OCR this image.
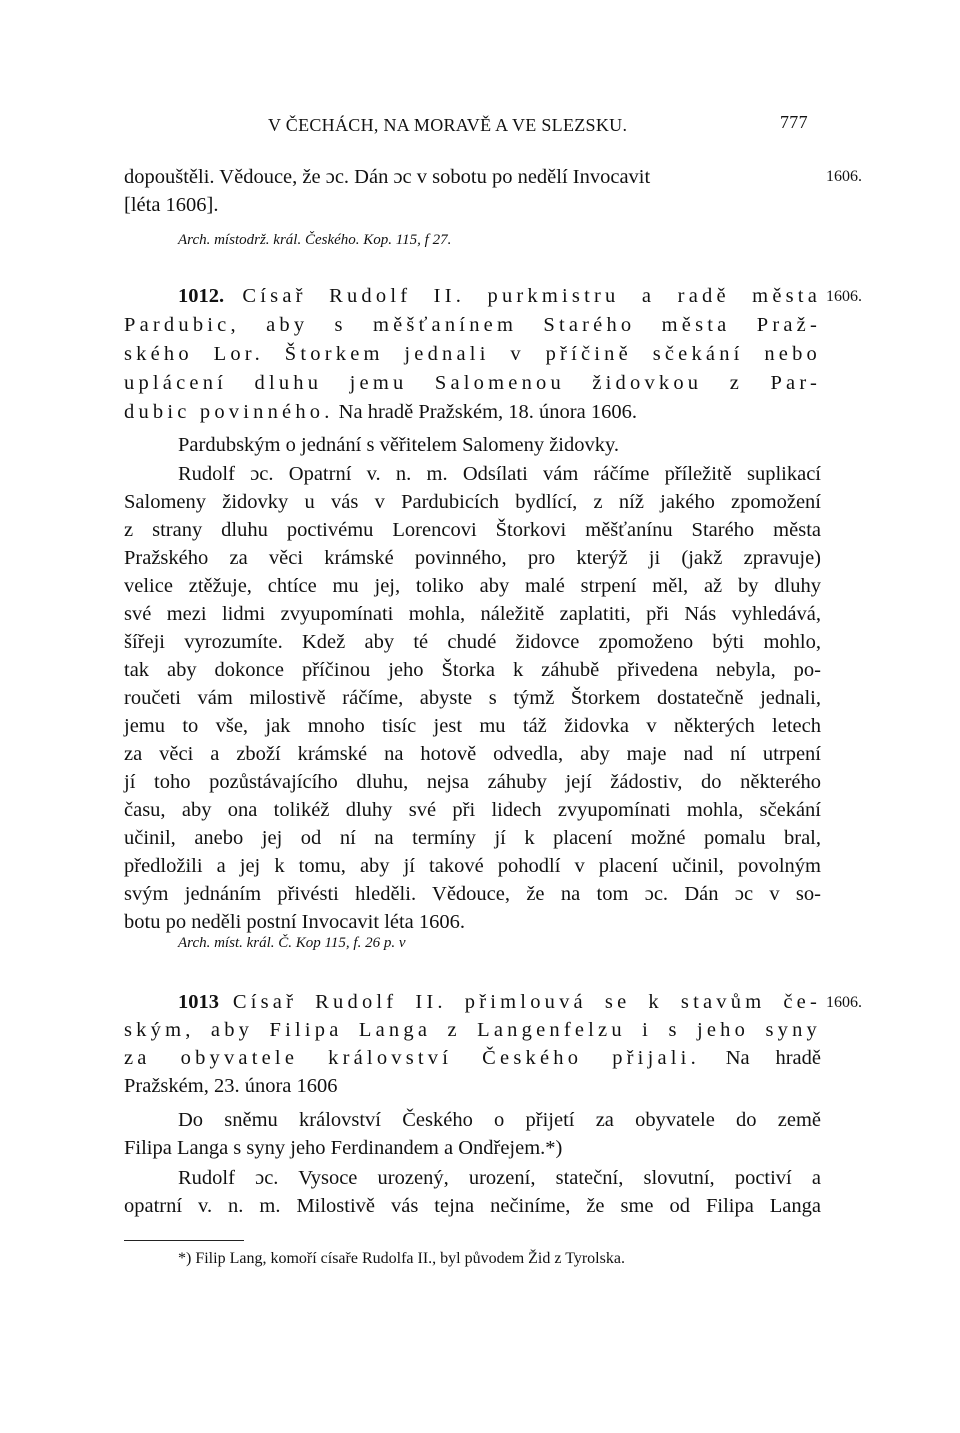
V ČECHÁCH, NA MORAVĚ A VE SLEZSKU.	777
dopouštěli. Vědouce, že ɔc. Dán ɔc v sobotu po nedělí Invocavit	1606.
[léta 1606].
Arch. místodrž. král. Českého. Kop. 115, f 27.
1012. Císař Rudolf II. purkmistru a radě města 1606.
Pardubic, aby s měšťanínem Starého města Praž-
ského Lor. Štorkem jednali v příčině sčekání nebo
uplácení dluhu jemu Salomenou židovkou z Par-
dubic povinného. Na hradě Pražském, 18. února 1606.
Pardubským o jednání s věřitelem Salomeny židovky.
Rudolf ɔc. Opatrní v. n. m. Odsílati vám ráčíme příležitě suplikací
Salomeny židovky u vás v Pardubicích bydlící, z níž jakého zpomožení
z strany dluhu poctivému Lorencovi Štorkovi měšťanínu Starého města
Pražského za věci krámské povinného, pro kterýž ji (jakž zpravuje)
velice ztěžuje, chtíce mu jej, toliko aby malé strpení měl, až by dluhy
své mezi lidmi zvyupomínati mohla, náležitě zaplatiti, při Nás vyhledává,
šířeji vyrozumíte. Kdež aby té chudé židovce zpomoženo býti mohlo,
tak aby dokonce příčinou jeho Štorka k záhubě přivedena nebyla, po-
roučeti vám milostivě ráčíme, abyste s týmž Štorkem dostatečně jednali,
jemu to vše, jak mnoho tisíc jest mu táž židovka v některých letech
za věci a zboží krámské na hotově odvedla, aby maje nad ní utrpení
jí toho pozůstávajícího dluhu, nejsa záhuby její žádostiv, do některého
času, aby ona tolikéž dluhy své při lidech zvyupomínati mohla, sčekání
učinil, anebo jej od ní na termíny jí k placení možné pomalu bral,
předložili a jej k tomu, aby jí takové pohodlí v placení učinil, povolným
svým jednáním přivésti hleděli. Vědouce, že na tom ɔc. Dán ɔc v so-
botu po neděli postní Invocavit léta 1606.
Arch. míst. král. Č. Kop 115, f. 26 p. v
1013 Císař Rudolf II. přimlouvá se k stavům če- 1606.
ským, aby Filipa Langa z Langenfelzu i s jeho syny
za obyvatele království Českého přijali. Na hradě
Pražském, 23. února 1606
Do sněmu království Českého o přijetí za obyvatele do země
Filipa Langa s syny jeho Ferdinandem a Ondřejem.*)
Rudolf ɔc. Vysoce urozený, urození, stateční, slovutní, poctiví a
opatrní v. n. m. Milostivě vás tejna nečiníme, že sme od Filipa Langa
*) Filip Lang, komoří císaře Rudolfa II., byl původem Žid z Tyrolska.
